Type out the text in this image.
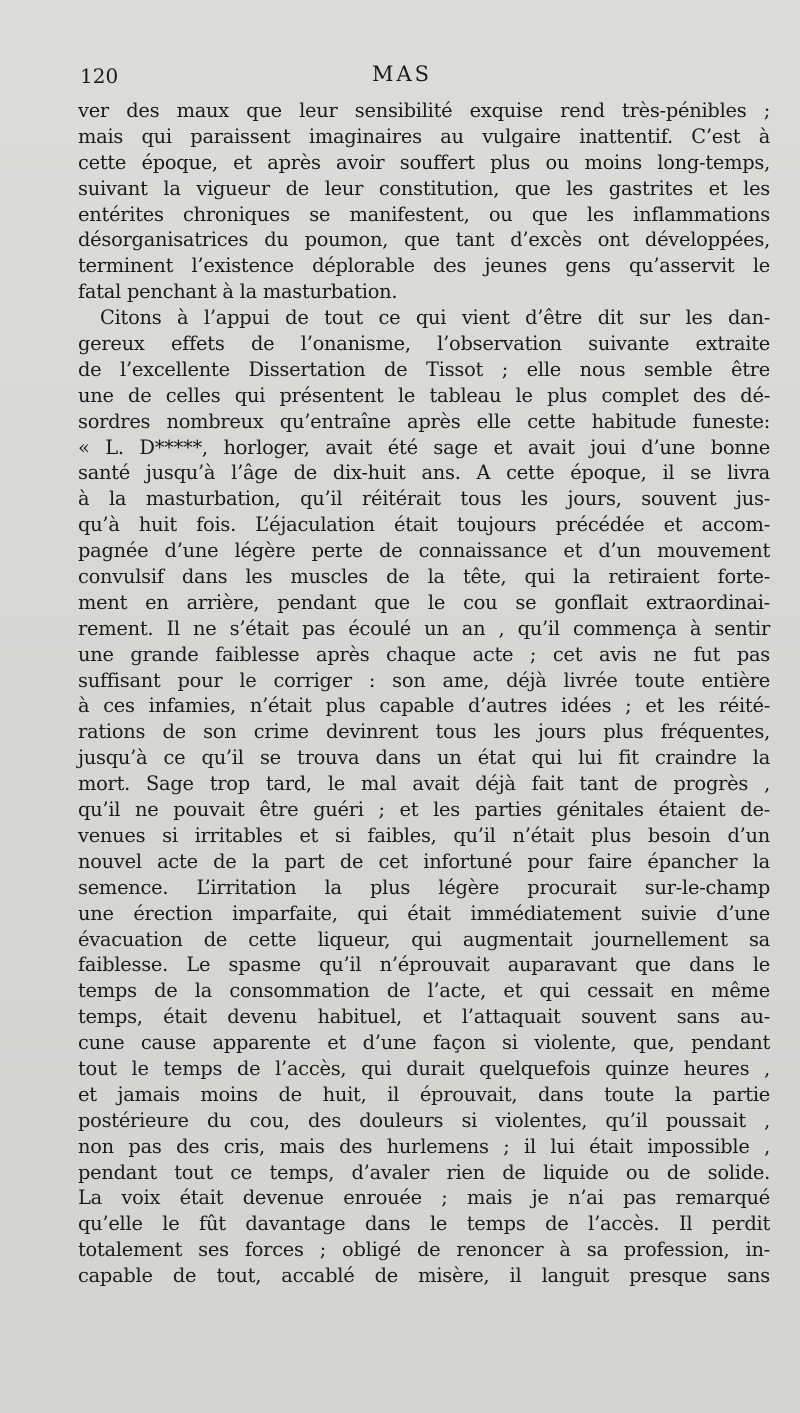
120	MAS
ver des maux que leur sensibilité exquise rend très-pénibles ;
mais qui paraissent imaginaires au vulgaire inattentif. C’est à
cette époque, et après avoir souffert plus ou moins long-temps,
suivant la vigueur de leur constitution, que les gastrites et les
entérites chroniques se manifestent, ou que les inflammations
désorganisatrices du poumon, que tant d’excès ont développées,
terminent l’existence déplorable des jeunes gens qu’asservit le
fatal penchant à la masturbation.
Citons à l’appui de tout ce qui vient d’être dit sur les dan-
gereux effets de l’onanisme, l’observation suivante extraite
de l’excellente Dissertation de Tissot ; elle nous semble être
une de celles qui présentent le tableau le plus complet des dé-
sordres nombreux qu’entraîne après elle cette habitude funeste:
« L. D*****, horloger, avait été sage et avait joui d’une bonne
santé jusqu’à l’âge de dix-huit ans. A cette époque, il se livra
à la masturbation, qu’il réitérait tous les jours, souvent jus-
qu’à huit fois. L’éjaculation était toujours précédée et accom-
pagnée d’une légère perte de connaissance et d’un mouvement
convulsif dans les muscles de la tête, qui la retiraient forte-
ment en arrière, pendant que le cou se gonflait extraordinai-
rement. Il ne s’était pas écoulé un an , qu’il commença à sentir
une grande faiblesse après chaque acte ; cet avis ne fut pas
suffisant pour le corriger : son ame, déjà livrée toute entière
à ces infamies, n’était plus capable d’autres idées ; et les réité-
rations de son crime devinrent tous les jours plus fréquentes,
jusqu’à ce qu’il se trouva dans un état qui lui fit craindre la
mort. Sage trop tard, le mal avait déjà fait tant de progrès ,
qu’il ne pouvait être guéri ; et les parties génitales étaient de-
venues si irritables et si faibles, qu’il n’était plus besoin d’un
nouvel acte de la part de cet infortuné pour faire épancher la
semence. L’irritation la plus légère procurait sur-le-champ
une érection imparfaite, qui était immédiatement suivie d’une
évacuation de cette liqueur, qui augmentait journellement sa
faiblesse. Le spasme qu’il n’éprouvait auparavant que dans le
temps de la consommation de l’acte, et qui cessait en même
temps, était devenu habituel, et l’attaquait souvent sans au-
cune cause apparente et d’une façon si violente, que, pendant
tout le temps de l’accès, qui durait quelquefois quinze heures ,
et jamais moins de huit, il éprouvait, dans toute la partie
postérieure du cou, des douleurs si violentes, qu’il poussait ,
non pas des cris, mais des hurlemens ; il lui était impossible ,
pendant tout ce temps, d’avaler rien de liquide ou de solide.
La voix était devenue enrouée ; mais je n’ai pas remarqué
qu’elle le fût davantage dans le temps de l’accès. Il perdit
totalement ses forces ; obligé de renoncer à sa profession, in-
capable de tout, accablé de misère, il languit presque sans
